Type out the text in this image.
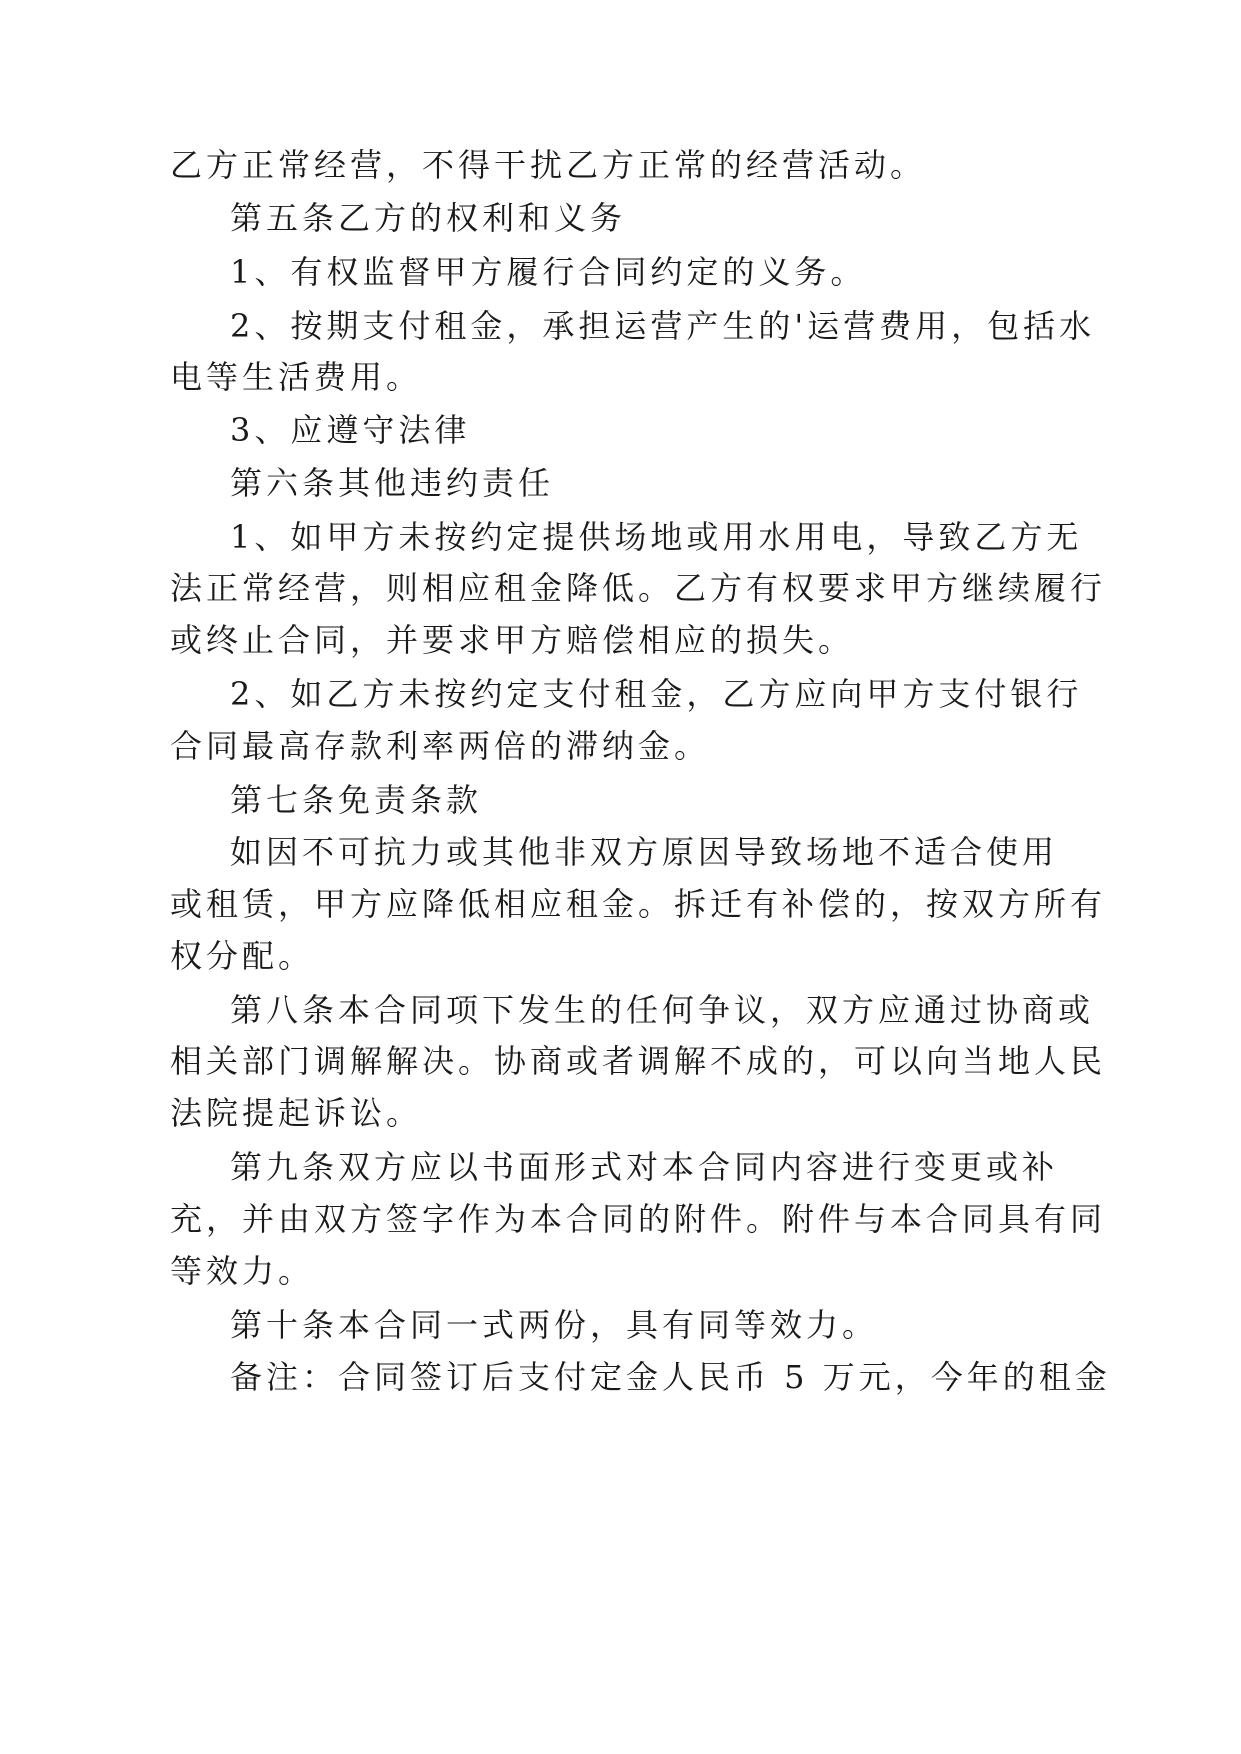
乙方正常经营，不得干扰乙方正常的经营活动。
第五条乙方的权利和义务
1、有权监督甲方履行合同约定的义务。
2、按期支付租金，承担运营产生的'运营费用，包括水
电等生活费用。
3、应遵守法律
第六条其他违约责任
1、如甲方未按约定提供场地或用水用电，导致乙方无
法正常经营，则相应租金降低。乙方有权要求甲方继续履行
或终止合同，并要求甲方赔偿相应的损失。
2、如乙方未按约定支付租金，乙方应向甲方支付银行
合同最高存款利率两倍的滞纳金。
第七条免责条款
如因不可抗力或其他非双方原因导致场地不适合使用
或租赁，甲方应降低相应租金。拆迁有补偿的，按双方所有
权分配。
第八条本合同项下发生的任何争议，双方应通过协商或
相关部门调解解决。协商或者调解不成的，可以向当地人民
法院提起诉讼。
第九条双方应以书面形式对本合同内容进行变更或补
充，并由双方签字作为本合同的附件。附件与本合同具有同
等效力。
第十条本合同一式两份，具有同等效力。
备注：合同签订后支付定金人民币 5 万元，今年的租金
